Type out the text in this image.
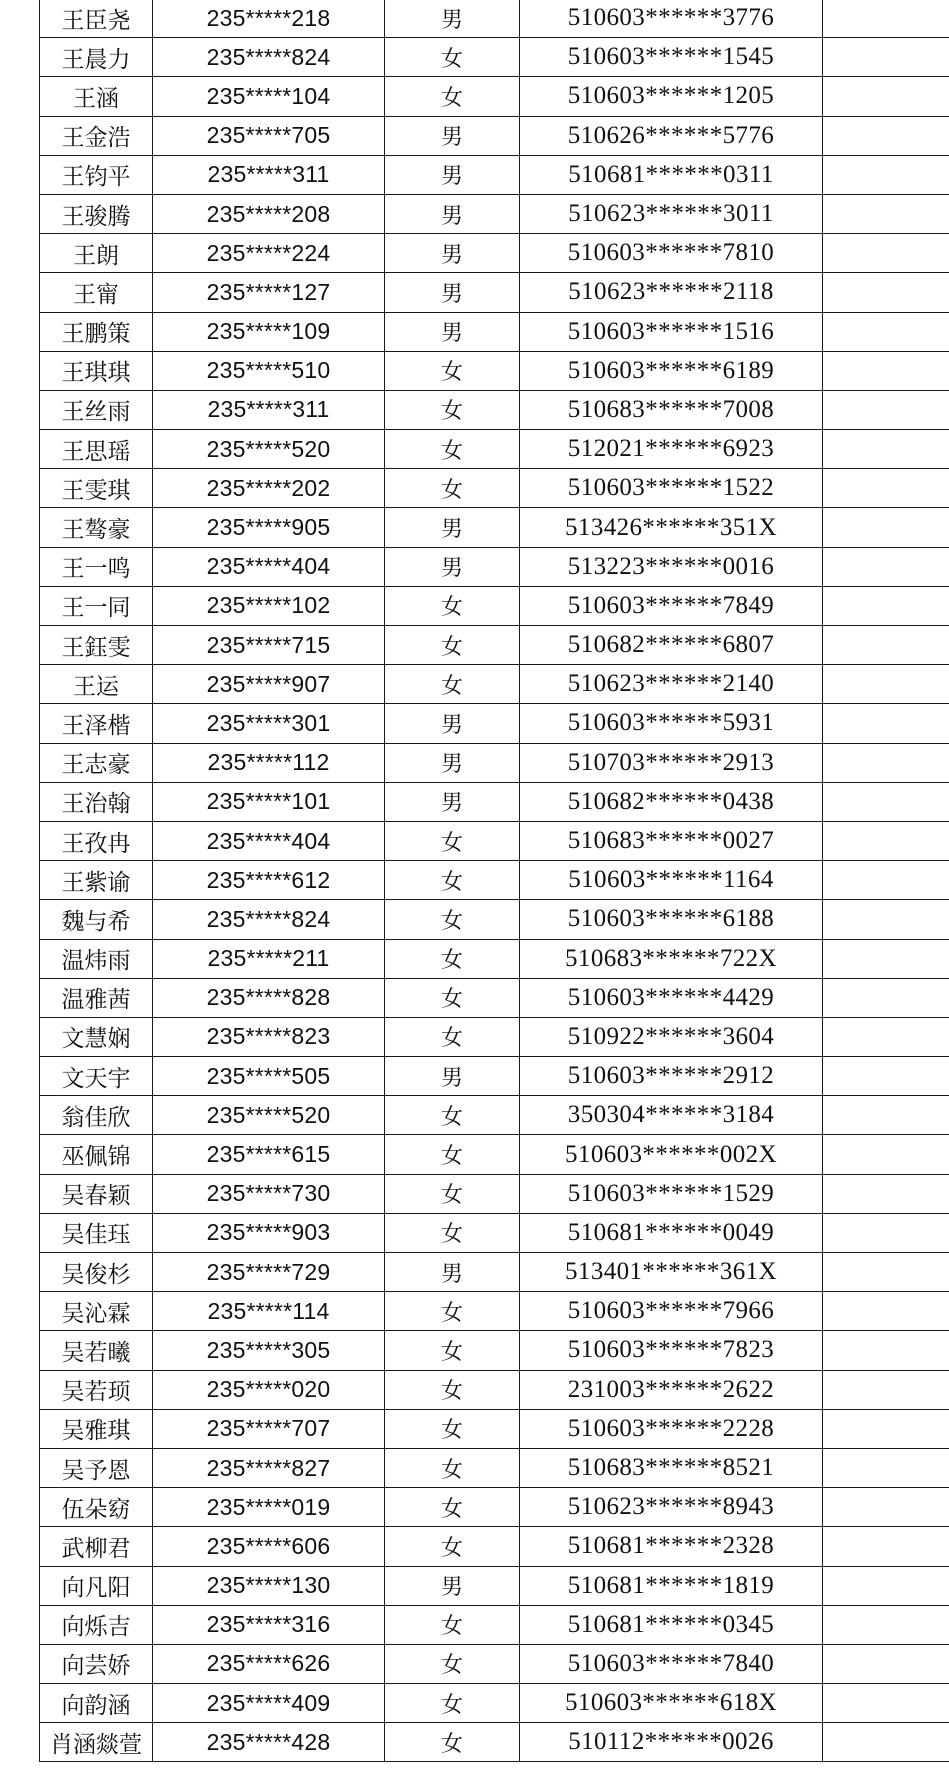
王臣尧	235*****218	男	510603******3776	
王晨力	235*****824	女	510603******1545	
王涵	235*****104	女	510603******1205	
王金浩	235*****705	男	510626******5776	
王钧平	235*****311	男	510681******0311	
王骏腾	235*****208	男	510623******3011	
王朗	235*****224	男	510603******7810	
王甯	235*****127	男	510623******2118	
王鹏策	235*****109	男	510603******1516	
王琪琪	235*****510	女	510603******6189	
王丝雨	235*****311	女	510683******7008	
王思瑶	235*****520	女	512021******6923	
王雯琪	235*****202	女	510603******1522	
王骜豪	235*****905	男	513426******351X	
王一鸣	235*****404	男	513223******0016	
王一同	235*****102	女	510603******7849	
王鈺雯	235*****715	女	510682******6807	
王运	235*****907	女	510623******2140	
王泽楷	235*****301	男	510603******5931	
王志豪	235*****112	男	510703******2913	
王治翰	235*****101	男	510682******0438	
王孜冉	235*****404	女	510683******0027	
王紫谕	235*****612	女	510603******1164	
魏与希	235*****824	女	510603******6188	
温炜雨	235*****211	女	510683******722X	
温雅茜	235*****828	女	510603******4429	
文慧娴	235*****823	女	510922******3604	
文天宇	235*****505	男	510603******2912	
翁佳欣	235*****520	女	350304******3184	
巫佩锦	235*****615	女	510603******002X	
吴春颖	235*****730	女	510603******1529	
吴佳珏	235*****903	女	510681******0049	
吴俊杉	235*****729	男	513401******361X	
吴沁霖	235*****114	女	510603******7966	
吴若曦	235*****305	女	510603******7823	
吴若顼	235*****020	女	231003******2622	
吴雅琪	235*****707	女	510603******2228	
吴予恩	235*****827	女	510683******8521	
伍朵窈	235*****019	女	510623******8943	
武柳君	235*****606	女	510681******2328	
向凡阳	235*****130	男	510681******1819	
向烁吉	235*****316	女	510681******0345	
向芸娇	235*****626	女	510603******7840	
向韵涵	235*****409	女	510603******618X	
肖涵燚萱	235*****428	女	510112******0026	
